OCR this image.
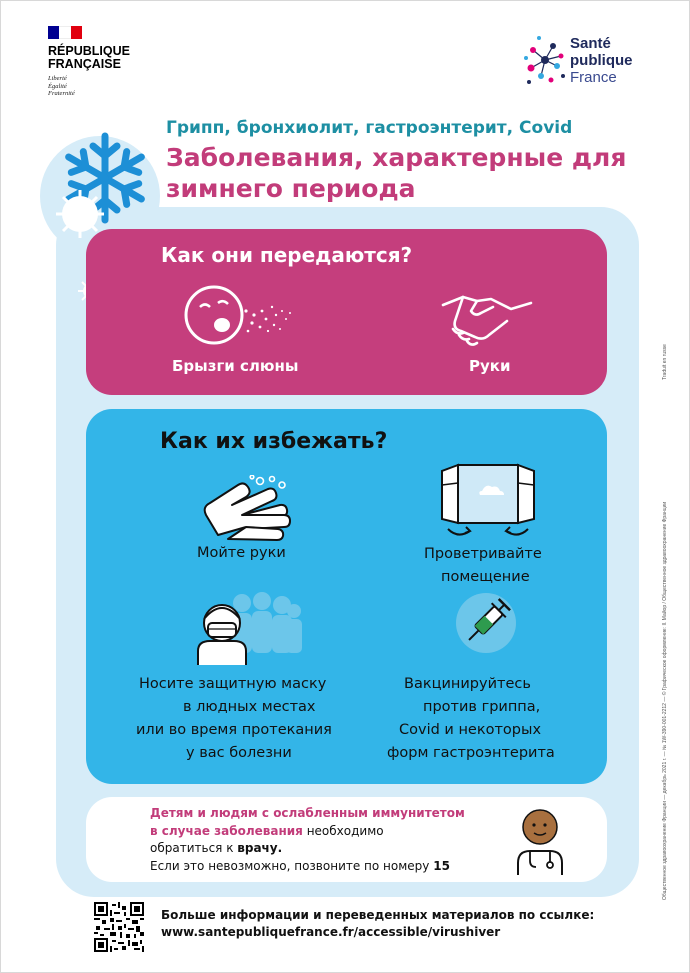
RÉPUBLIQUE
FRANÇAISE
Liberté
Égalité
Fraternité
Santé
publique
France
Грипп, бронхиолит, гастроэнтерит, Covid
Заболевания, характерные для зимнего периода
Как они передаются?
Брызги слюны	Руки
Как их избежать?
Мойте руки	Проветривайте
помещение
Носите защитную маску
в людных местах
или во время протекания
у вас болезни
Вакцинируйтесь
против гриппа,
Covid и некоторых
форм гастроэнтерита
Детям и людям с ослабленным иммунитетом
в случае заболевания необходимо
обратиться к врачу.
Если это невозможно, позвоните по номеру 15
Больше информации и переведенных материалов по ссылке:
www.santepubliquefrance.fr/accessible/virushiver
Общественное здравоохранение Франции — декабрь 2021 г. — № 1W-390-001-2212 — © Графическое оформление: Il. Майор / Общественное здравоохранение Франции
Traduit en russe
